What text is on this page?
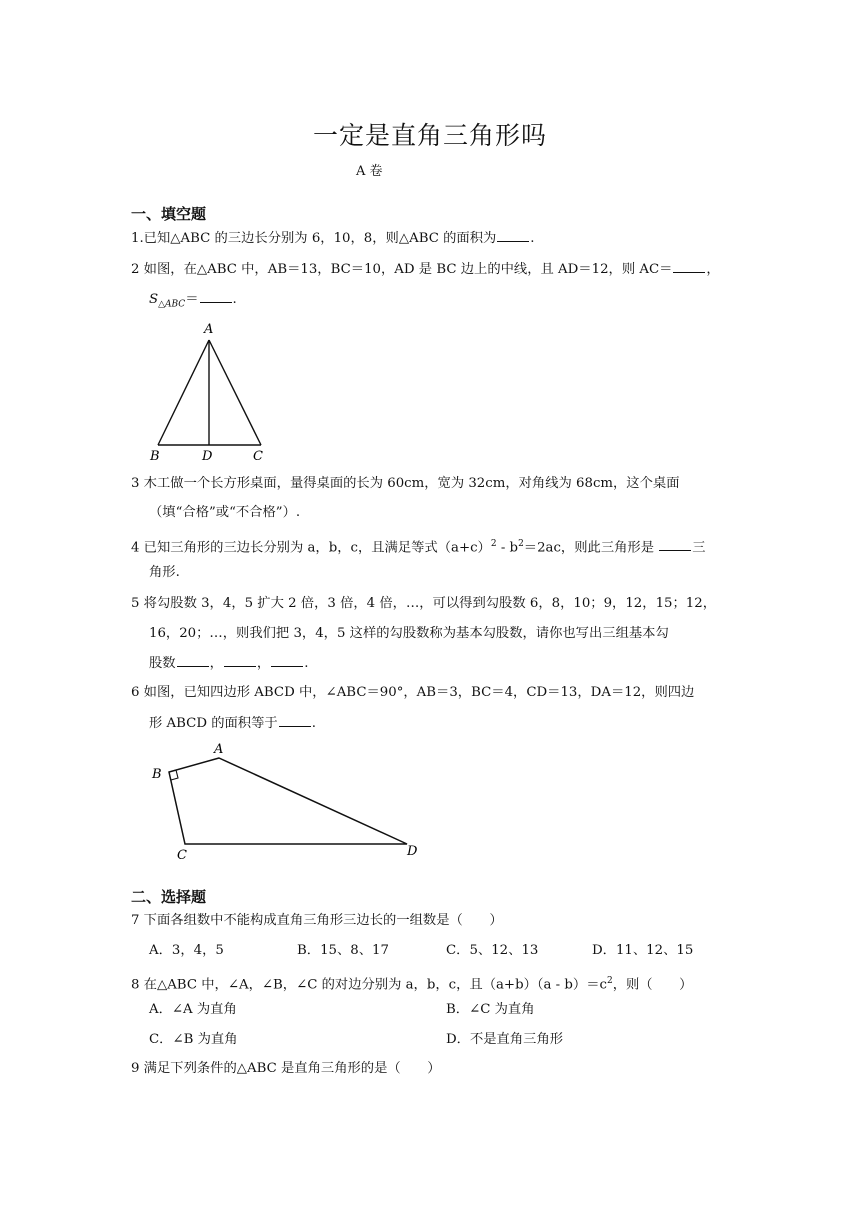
一定是直角三角形吗
A 卷
一、填空题
1.已知△ABC 的三边长分别为 6，10，8，则△ABC 的面积为	.
2 如图，在△ABC 中，AB＝13，BC＝10，AD 是 BC 边上的中线，且 AD＝12，则 AC＝	，
$S_{\triangle ABC}=$	.
A
B	D	C
3 木工做一个长方形桌面，量得桌面的长为 60cm，宽为 32cm，对角线为 68cm，这个桌面
（填“合格”或“不合格”）.
4 已知三角形的三边长分别为 a，b，c，且满足等式$(a+c)^2 - b^2=2ac$，则此三角形是	三
角形.
5 将勾股数 3，4，5 扩大 2 倍，3 倍，4 倍，…，可以得到勾股数 6，8，10；9，12，15；12，
16，20；…，则我们把 3，4，5 这样的勾股数称为基本勾股数，请你也写出三组基本勾
股数	，	，	.
6 如图，已知四边形 ABCD 中，∠ABC＝90°，AB＝3，BC＝4，CD＝13，DA＝12，则四边
形 ABCD 的面积等于	.
A
B
C	D
二、选择题
7 下面各组数中不能构成直角三角形三边长的一组数是（　　）
A．3，4，5	B．15、8、17	C．5、12、13	D．11、12、15
8 在△ABC 中，∠A，∠B，∠C 的对边分别为 a，b，c，且$(a+b)(a - b)=c^2$，则（　　）
A．∠A 为直角	B．∠C 为直角
C．∠B 为直角	D．不是直角三角形
9 满足下列条件的△ABC 是直角三角形的是（　　）
